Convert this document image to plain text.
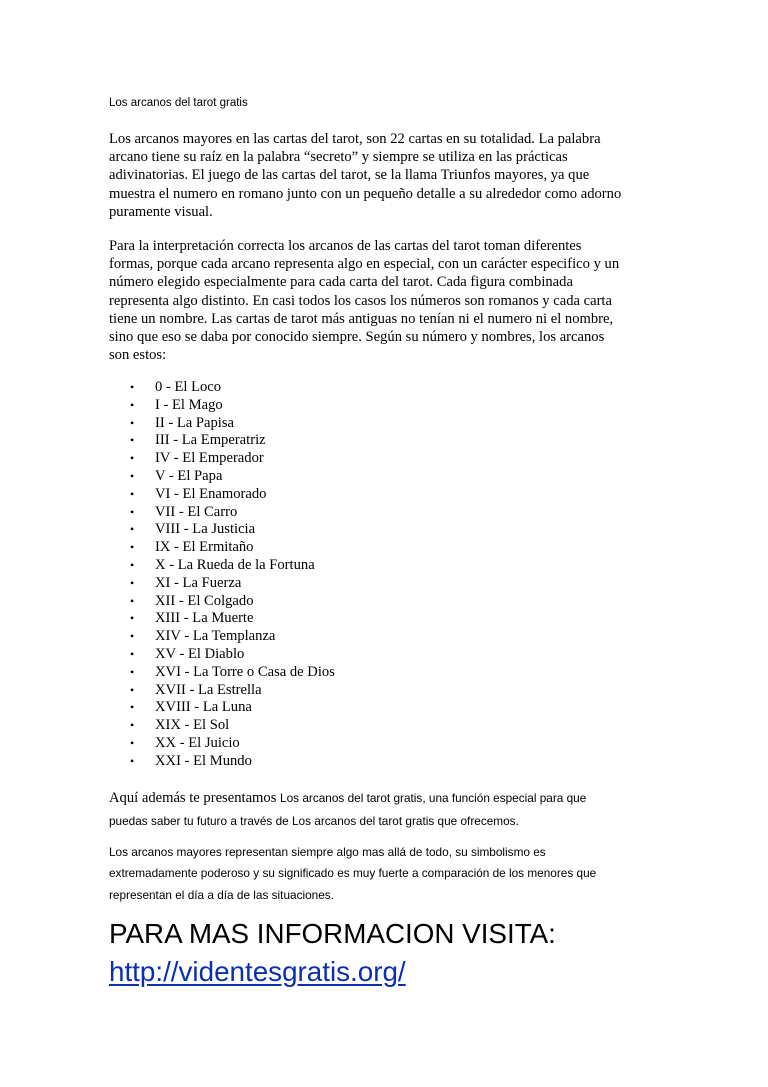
Los arcanos del tarot gratis
Los arcanos mayores en las cartas del tarot, son 22 cartas en su totalidad. La palabra
arcano tiene su raíz en la palabra “secreto” y siempre se utiliza en las prácticas
adivinatorias. El juego de las cartas del tarot, se la llama Triunfos mayores, ya que
muestra el numero en romano junto con un pequeño detalle a su alrededor como adorno
puramente visual.
Para la interpretación correcta los arcanos de las cartas del tarot toman diferentes
formas, porque cada arcano representa algo en especial, con un carácter especifico y un
número elegido especialmente para cada carta del tarot. Cada figura combinada
representa algo distinto. En casi todos los casos los números son romanos y cada carta
tiene un nombre. Las cartas de tarot más antiguas no tenían ni el numero ni el nombre,
sino que eso se daba por conocido siempre. Según su número y nombres, los arcanos
son estos:
• 0 - El Loco
• I - El Mago
• II - La Papisa
• III - La Emperatriz
• IV - El Emperador
• V - El Papa
• VI - El Enamorado
• VII - El Carro
• VIII - La Justicia
• IX - El Ermitaño
• X - La Rueda de la Fortuna
• XI - La Fuerza
• XII - El Colgado
• XIII - La Muerte
• XIV - La Templanza
• XV - El Diablo
• XVI - La Torre o Casa de Dios
• XVII - La Estrella
• XVIII - La Luna
• XIX - El Sol
• XX - El Juicio
• XXI - El Mundo
Aquí además te presentamos Los arcanos del tarot gratis, una función especial para que
puedas saber tu futuro a través de Los arcanos del tarot gratis que ofrecemos.
Los arcanos mayores representan siempre algo mas allá de todo, su simbolismo es
extremadamente poderoso y su significado es muy fuerte a comparación de los menores que
representan el día a día de las situaciones.
PARA MAS INFORMACION VISITA:
http://videntesgratis.org/
